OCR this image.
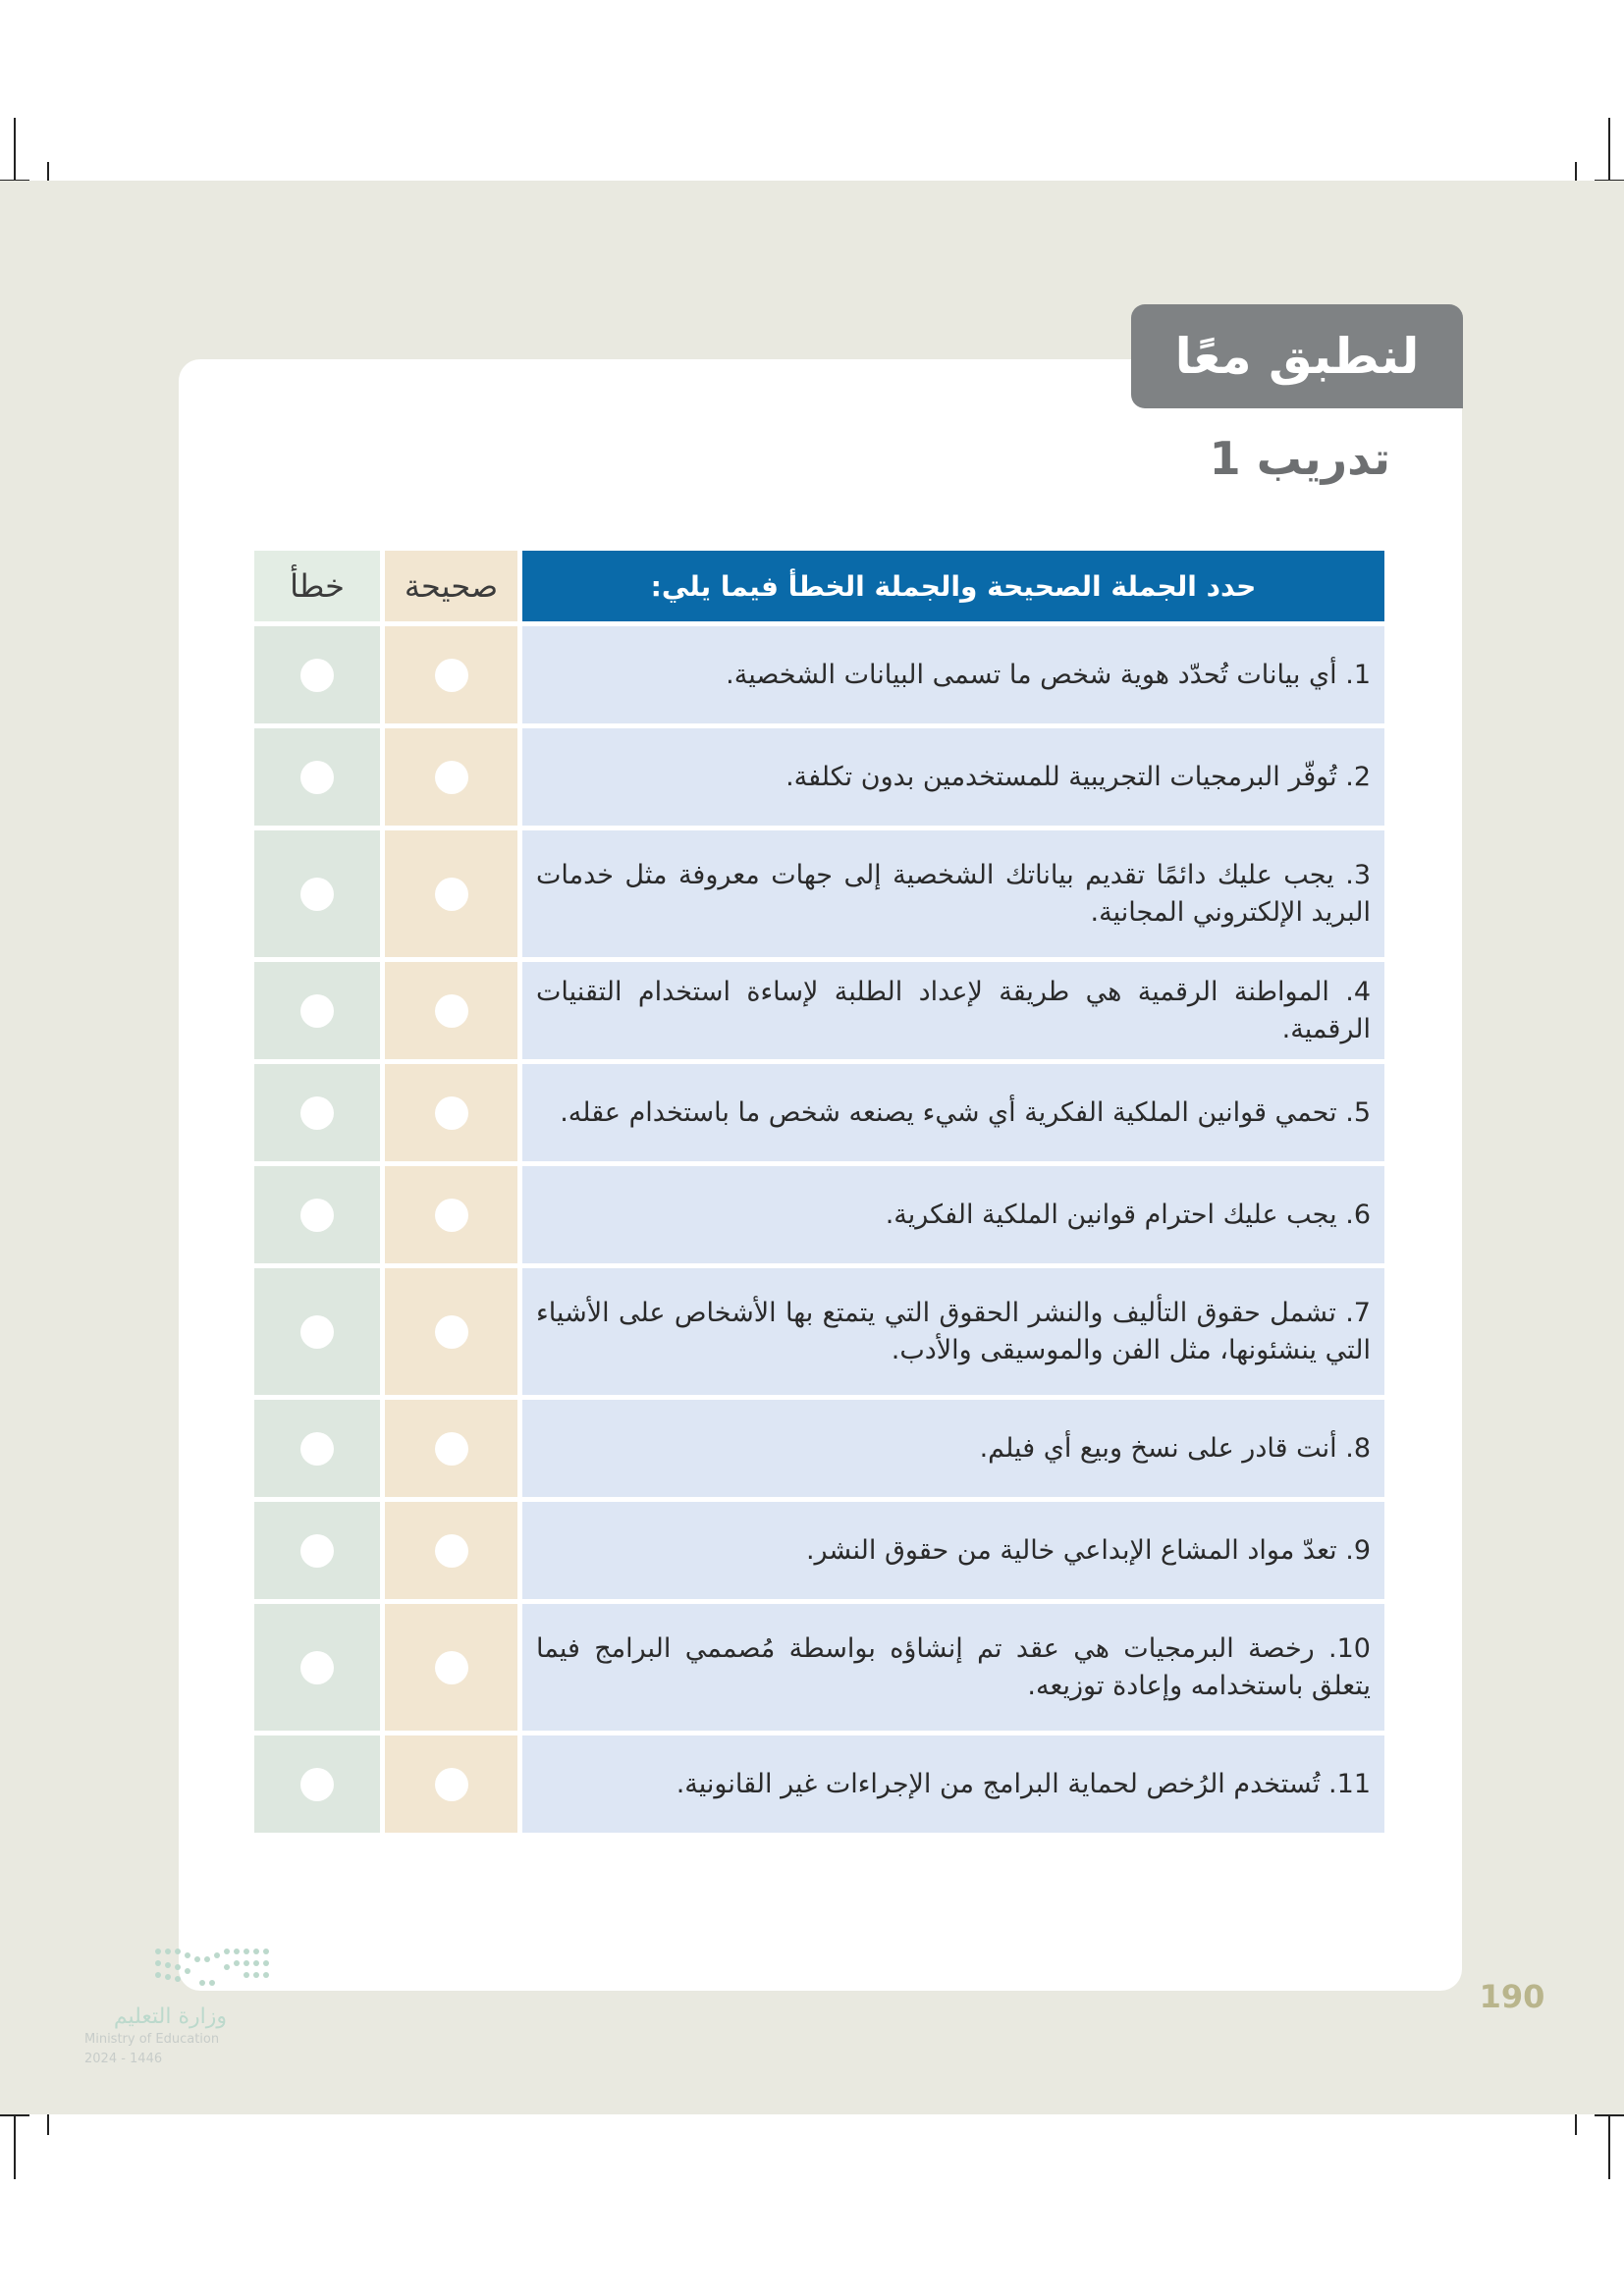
لنطبق معًا
تدريب 1
حدد الجملة الصحيحة والجملة الخطأ فيما يلي:	صحيحة	خطأ
1. أي بيانات تُحدّد هوية شخص ما تسمى البيانات الشخصية.		
2. تُوفّر البرمجيات التجريبية للمستخدمين بدون تكلفة.		
3. يجب عليك دائمًا تقديم بياناتك الشخصية إلى جهات معروفة مثل خدمات البريد الإلكتروني المجانية.		
4. المواطنة الرقمية هي طريقة لإعداد الطلبة لإساءة استخدام التقنيات الرقمية.		
5. تحمي قوانين الملكية الفكرية أي شيء يصنعه شخص ما باستخدام عقله.		
6. يجب عليك احترام قوانين الملكية الفكرية.		
7. تشمل حقوق التأليف والنشر الحقوق التي يتمتع بها الأشخاص على الأشياء التي ينشئونها، مثل الفن والموسيقى والأدب.		
8. أنت قادر على نسخ وبيع أي فيلم.		
9. تعدّ مواد المشاع الإبداعي خالية من حقوق النشر.		
10. رخصة البرمجيات هي عقد تم إنشاؤه بواسطة مُصممي البرامج فيما يتعلق باستخدامه وإعادة توزيعه.		
11. تُستخدم الرُخص لحماية البرامج من الإجراءات غير القانونية.		
وزارة التعليم
Ministry of Education
2024 - 1446
190
